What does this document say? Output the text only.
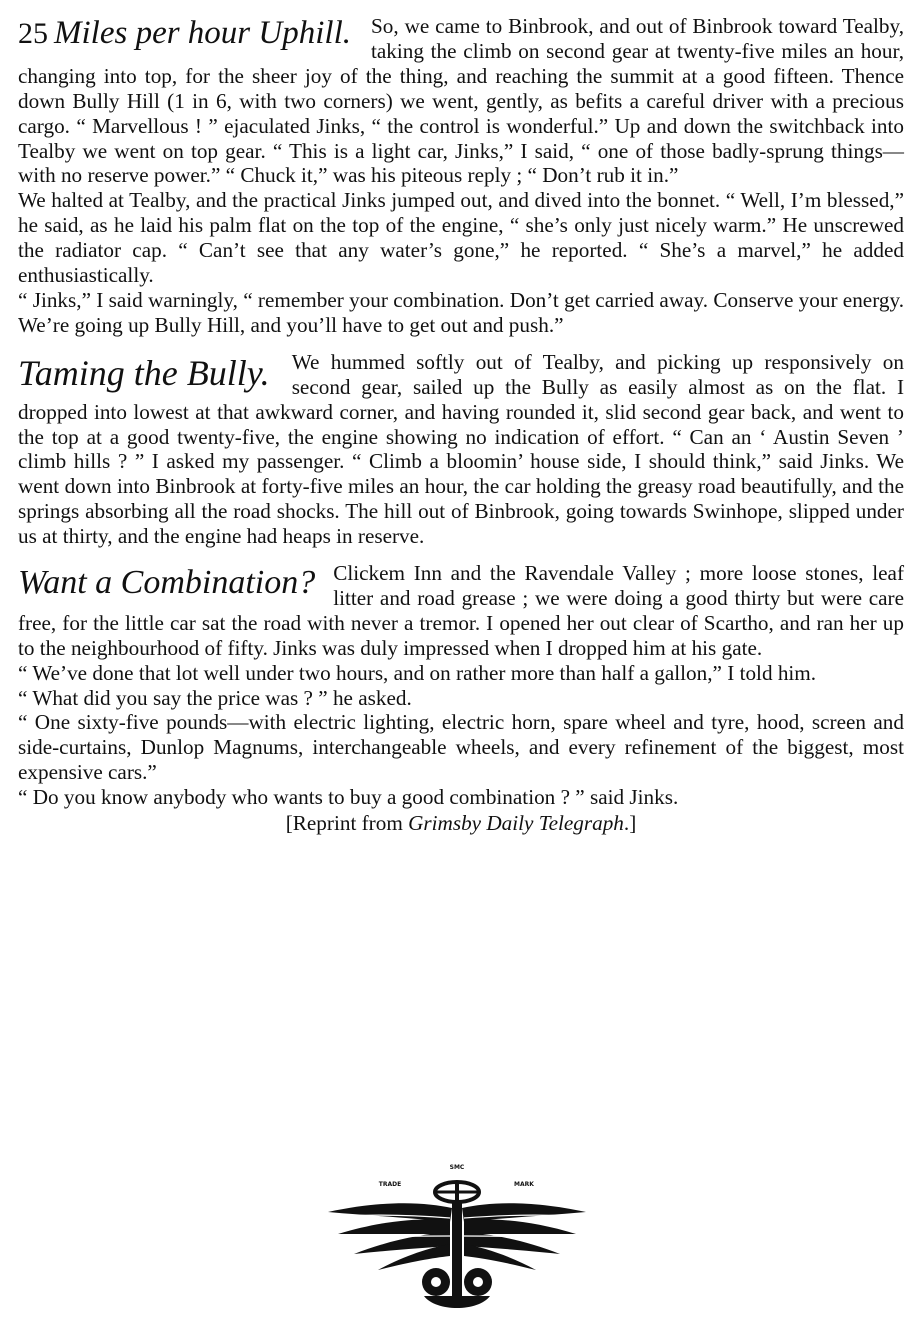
25 Miles per hour Uphill. So, we came to Binbrook, and out of Binbrook toward Tealby, taking the climb on second gear at twenty-five miles an hour, changing into top, for the sheer joy of the thing, and reaching the summit at a good fifteen. Thence down Bully Hill (1 in 6, with two corners) we went, gently, as befits a careful driver with a precious cargo. “ Marvellous ! ” ejaculated Jinks, “ the control is wonderful.” Up and down the switchback into Tealby we went on top gear. “ This is a light car, Jinks,” I said, “ one of those badly-sprung things—with no reserve power.” “ Chuck it,” was his piteous reply ; “ Don’t rub it in.”
We halted at Tealby, and the practical Jinks jumped out, and dived into the bonnet. “ Well, I’m blessed,” he said, as he laid his palm flat on the top of the engine, “ she’s only just nicely warm.” He unscrewed the radiator cap. “ Can’t see that any water’s gone,” he reported. “ She’s a marvel,” he added enthusiastically.
“ Jinks,” I said warningly, “ remember your combination. Don’t get carried away. Conserve your energy. We’re going up Bully Hill, and you’ll have to get out and push.”

Taming the Bully.	We hummed softly out of Tealby, and picking up responsively on second gear, sailed up the Bully as easily almost as on the flat. I dropped into lowest at that awkward corner, and having rounded it, slid second gear back, and went to the top at a good twenty-five, the engine showing no indication of effort. “ Can an ‘ Austin Seven ’ climb hills ? ” I asked my passenger. “ Climb a bloomin’ house side, I should think,” said Jinks. We went down into Binbrook at forty-five miles an hour, the car holding the greasy road beautifully, and the springs absorbing all the road shocks. The hill out of Binbrook, going towards Swinhope, slipped under us at thirty, and the engine had heaps in reserve.

Want a Combination? Clickem Inn and the Ravendale Valley ; more loose stones, leaf litter and road grease ; we were doing a good thirty but were care free, for the little car sat the road with never a tremor. I opened her out clear of Scartho, and ran her up to the neighbourhood of fifty. Jinks was duly impressed when I dropped him at his gate.
“ We’ve done that lot well under two hours, and on rather more than half a gallon,” I told him.
“ What did you say the price was ? ” he asked.
“ One sixty-five pounds—with electric lighting, electric horn, spare wheel and tyre, hood, screen and side-curtains, Dunlop Magnums, interchangeable wheels, and every refinement of the biggest, most expensive cars.”
“ Do you know anybody who wants to buy a good combination ? ” said Jinks.

[Reprint from Grimsby Daily Telegraph.]

SMC
TRADE	MARK
